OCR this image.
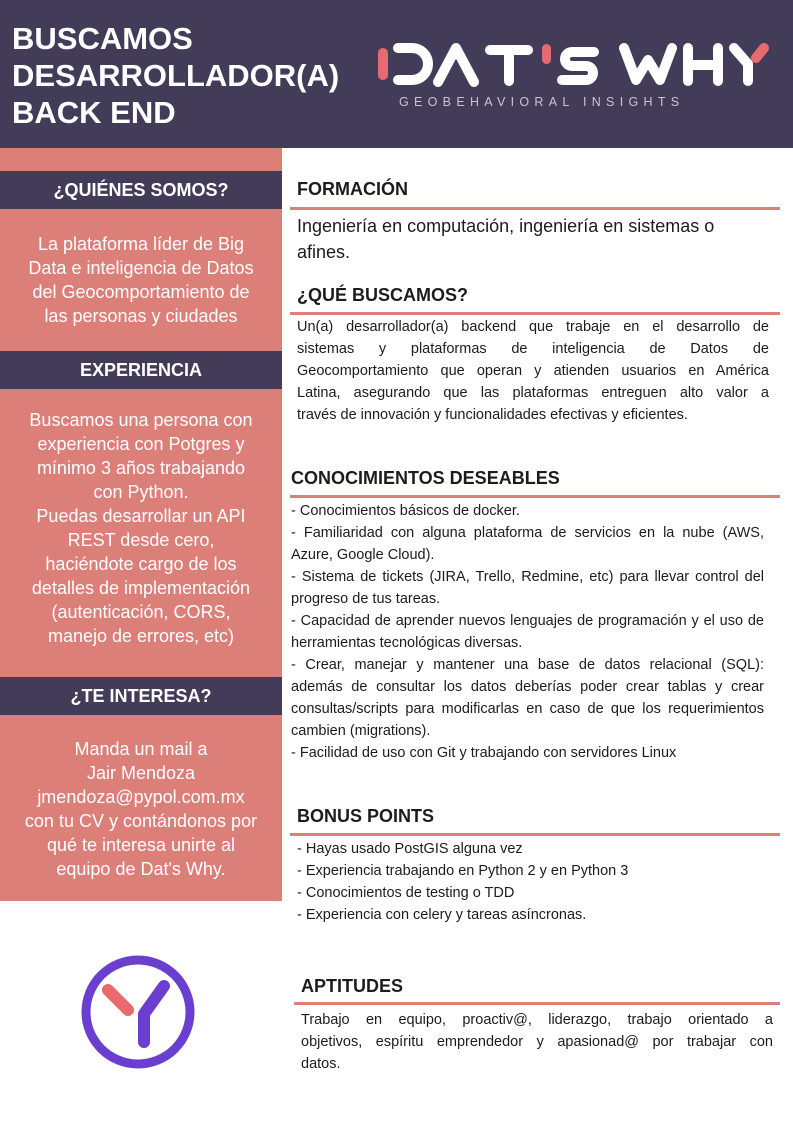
BUSCAMOS
DESARROLLADOR(A)
BACK END	GEOBEHAVIORAL INSIGHTS
¿QUIÉNES SOMOS?
La plataforma líder de Big
Data e inteligencia de Datos
del Geocomportamiento de
las personas y ciudades
EXPERIENCIA
Buscamos una persona con
experiencia con Potgres y
mínimo 3 años trabajando
con Python.
Puedas desarrollar un API
REST desde cero,
haciéndote cargo de los
detalles de implementación
(autenticación, CORS,
manejo de errores, etc)
¿TE INTERESA?
Manda un mail a
Jair Mendoza
jmendoza@pypol.com.mx
con tu CV y contándonos por
qué te interesa unirte al
equipo de Dat's Why.
FORMACIÓN
Ingeniería en computación, ingeniería en sistemas o
afines.
¿QUÉ BUSCAMOS?
Un(a) desarrollador(a) backend que trabaje en el desarrollo de
sistemas y plataformas de inteligencia de Datos de
Geocomportamiento que operan y atienden usuarios en América
Latina, asegurando que las plataformas entreguen alto valor a
través de innovación y funcionalidades efectivas y eficientes.
CONOCIMIENTOS DESEABLES
- Conocimientos básicos de docker.
- Familiaridad con alguna plataforma de servicios en la nube (AWS, Azure, Google Cloud).
- Sistema de tickets (JIRA, Trello, Redmine, etc) para llevar control del progreso de tus tareas.
- Capacidad de aprender nuevos lenguajes de programación y el uso de herramientas tecnológicas diversas.
- Crear, manejar y mantener una base de datos relacional (SQL): además de consultar los datos deberías poder crear tablas y crear consultas/scripts para modificarlas en caso de que los requerimientos cambien (migrations).
- Facilidad de uso con Git y trabajando con servidores Linux
BONUS POINTS
- Hayas usado PostGIS alguna vez
- Experiencia trabajando en Python 2 y en Python 3
- Conocimientos de testing o TDD
- Experiencia con celery y tareas asíncronas.
APTITUDES
Trabajo en equipo, proactiv@, liderazgo, trabajo orientado a
objetivos, espíritu emprendedor y apasionad@ por trabajar con
datos.
